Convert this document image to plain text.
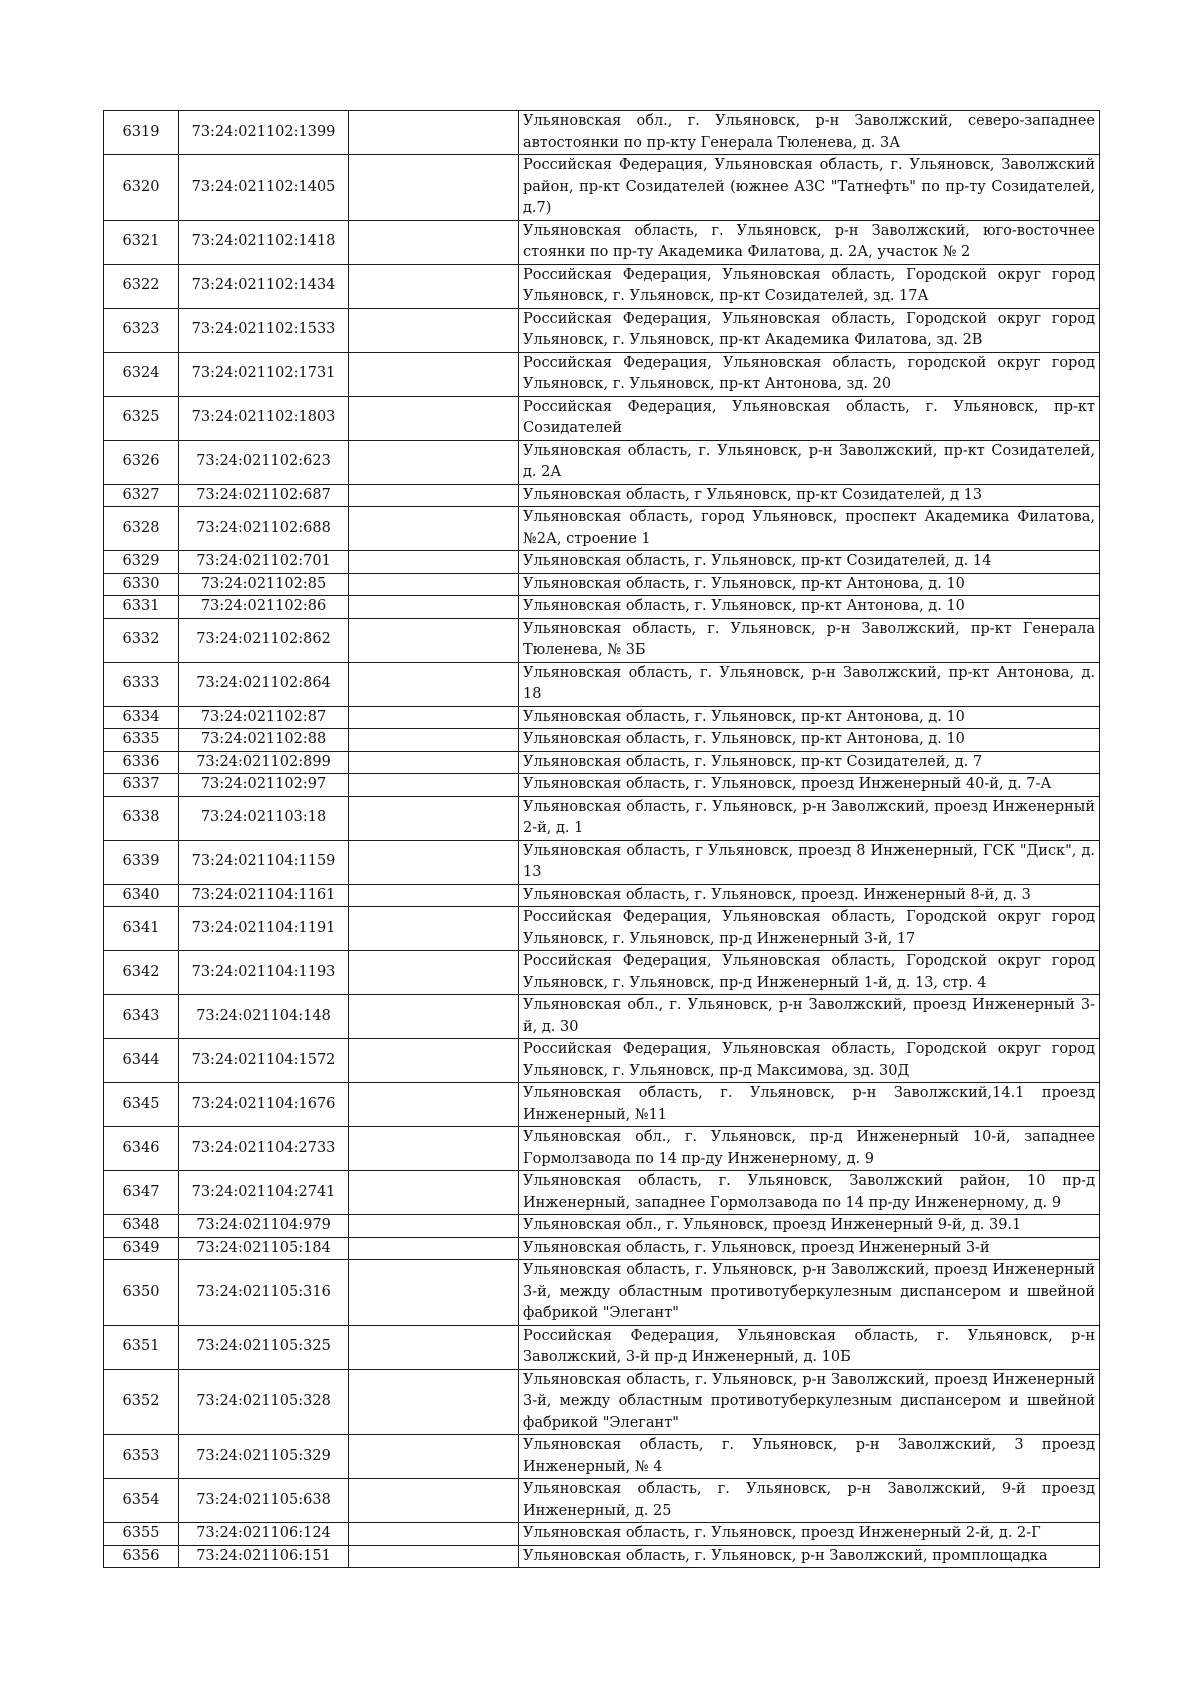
6319	73:24:021102:1399		Ульяновская обл., г. Ульяновск, р-н Заволжский, северо-западнее автостоянки по пр-кту Генерала Тюленева, д. 3А
6320	73:24:021102:1405		Российская Федерация, Ульяновская область, г. Ульяновск, Заволжский район, пр-кт Созидателей (южнее АЗС "Татнефть" по пр-ту Созидателей, д.7)
6321	73:24:021102:1418		Ульяновская область, г. Ульяновск, р-н Заволжский, юго-восточнее стоянки по пр-ту Академика Филатова, д. 2А, участок № 2
6322	73:24:021102:1434		Российская Федерация, Ульяновская область, Городской округ город Ульяновск, г. Ульяновск, пр-кт Созидателей, зд. 17А
6323	73:24:021102:1533		Российская Федерация, Ульяновская область, Городской округ город Ульяновск, г. Ульяновск, пр-кт Академика Филатова, зд. 2В
6324	73:24:021102:1731		Российская Федерация, Ульяновская область, городской округ город Ульяновск, г. Ульяновск, пр-кт Антонова, зд. 20
6325	73:24:021102:1803		Российская Федерация, Ульяновская область, г. Ульяновск, пр-кт Созидателей
6326	73:24:021102:623		Ульяновская область, г. Ульяновск, р-н Заволжский, пр-кт Созидателей, д. 2А
6327	73:24:021102:687		Ульяновская область, г Ульяновск, пр-кт Созидателей, д 13
6328	73:24:021102:688		Ульяновская область, город Ульяновск, проспект Академика Филатова, №2А, строение 1
6329	73:24:021102:701		Ульяновская область, г. Ульяновск, пр-кт Созидателей, д. 14
6330	73:24:021102:85		Ульяновская область, г. Ульяновск, пр-кт Антонова, д. 10
6331	73:24:021102:86		Ульяновская область, г. Ульяновск, пр-кт Антонова, д. 10
6332	73:24:021102:862		Ульяновская область, г. Ульяновск, р-н Заволжский, пр-кт Генерала Тюленева, № 3Б
6333	73:24:021102:864		Ульяновская область, г. Ульяновск, р-н Заволжский, пр-кт Антонова, д. 18
6334	73:24:021102:87		Ульяновская область, г. Ульяновск, пр-кт Антонова, д. 10
6335	73:24:021102:88		Ульяновская область, г. Ульяновск, пр-кт Антонова, д. 10
6336	73:24:021102:899		Ульяновская область, г. Ульяновск, пр-кт Созидателей, д. 7
6337	73:24:021102:97		Ульяновская область, г. Ульяновск, проезд Инженерный 40-й, д. 7-А
6338	73:24:021103:18		Ульяновская область, г. Ульяновск, р-н Заволжский, проезд Инженерный 2-й, д. 1
6339	73:24:021104:1159		Ульяновская область, г Ульяновск, проезд 8 Инженерный, ГСК "Диск", д. 13
6340	73:24:021104:1161		Ульяновская область, г. Ульяновск, проезд. Инженерный 8-й, д. 3
6341	73:24:021104:1191		Российская Федерация, Ульяновская область, Городской округ город Ульяновск, г. Ульяновск, пр-д Инженерный 3-й, 17
6342	73:24:021104:1193		Российская Федерация, Ульяновская область, Городской округ город Ульяновск, г. Ульяновск, пр-д Инженерный 1-й, д. 13, стр. 4
6343	73:24:021104:148		Ульяновская обл., г. Ульяновск, р-н Заволжский, проезд Инженерный 3-й, д. 30
6344	73:24:021104:1572		Российская Федерация, Ульяновская область, Городской округ город Ульяновск, г. Ульяновск, пр-д Максимова, зд. 30Д
6345	73:24:021104:1676		Ульяновская область, г. Ульяновск, р-н Заволжский,14.1 проезд Инженерный, №11
6346	73:24:021104:2733		Ульяновская обл., г. Ульяновск, пр-д Инженерный 10-й, западнее Гормолзавода по 14 пр-ду Инженерному, д. 9
6347	73:24:021104:2741		Ульяновская область, г. Ульяновск, Заволжский район, 10 пр-д Инженерный, западнее Гормолзавода по 14 пр-ду Инженерному, д. 9
6348	73:24:021104:979		Ульяновская обл., г. Ульяновск, проезд Инженерный 9-й, д. 39.1
6349	73:24:021105:184		Ульяновская область, г. Ульяновск, проезд Инженерный 3-й
6350	73:24:021105:316		Ульяновская область, г. Ульяновск, р-н Заволжский, проезд Инженерный 3-й, между областным противотуберкулезным диспансером и швейной фабрикой "Элегант"
6351	73:24:021105:325		Российская Федерация, Ульяновская область, г. Ульяновск, р-н Заволжский, 3-й пр-д Инженерный, д. 10Б
6352	73:24:021105:328		Ульяновская область, г. Ульяновск, р-н Заволжский, проезд Инженерный 3-й, между областным противотуберкулезным диспансером и швейной фабрикой "Элегант"
6353	73:24:021105:329		Ульяновская область, г. Ульяновск, р-н Заволжский, 3 проезд Инженерный, № 4
6354	73:24:021105:638		Ульяновская область, г. Ульяновск, р-н Заволжский, 9-й проезд Инженерный, д. 25
6355	73:24:021106:124		Ульяновская область, г. Ульяновск, проезд Инженерный 2-й, д. 2-Г
6356	73:24:021106:151		Ульяновская область, г. Ульяновск, р-н Заволжский, промплощадка
